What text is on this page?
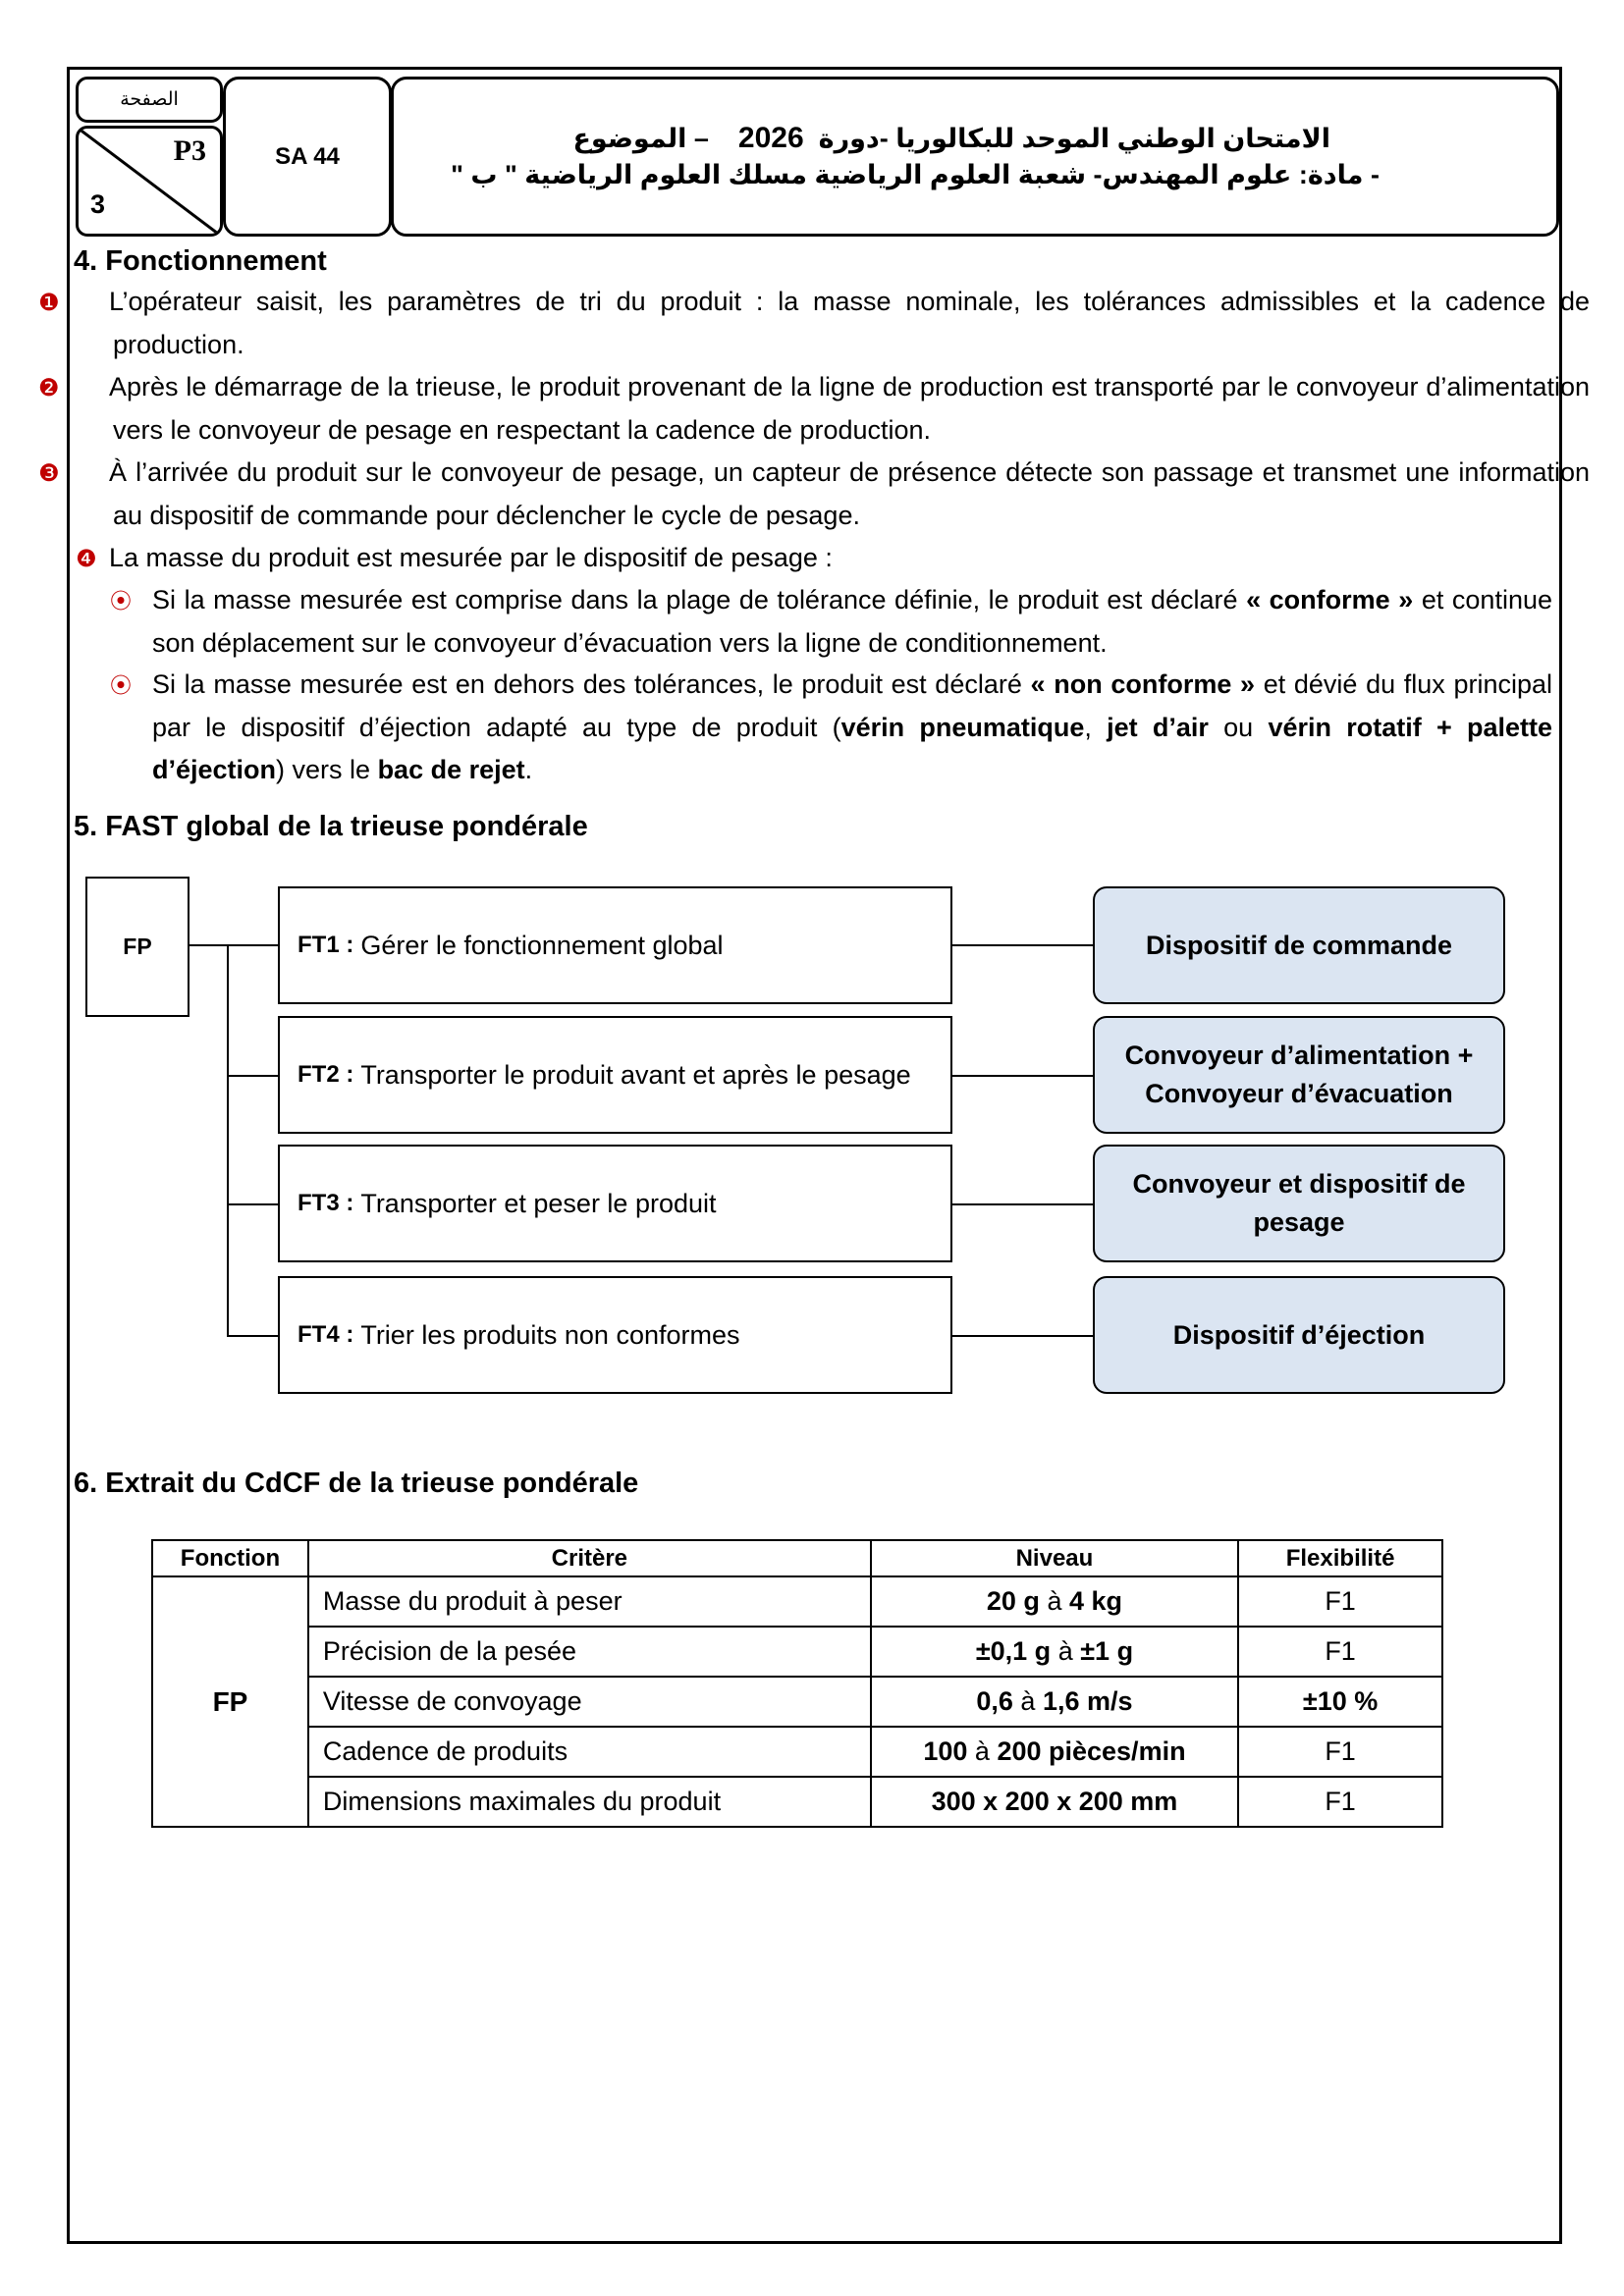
الصفحة
P3
3
SA 44
الامتحان الوطني الموحد للبكالوريا -دورة  2026    – الموضوع
- مادة: علوم المهندس- شعبة العلوم الرياضية مسلك العلوم الرياضية " ب "
4. Fonctionnement
❶ L’opérateur saisit, les paramètres de tri du produit : la masse nominale, les tolérances admissibles et la cadence de production.
❷ Après le démarrage de la trieuse, le produit provenant de la ligne de production est transporté par le convoyeur d’alimentation vers le convoyeur de pesage en respectant la cadence de production.
❸ À l’arrivée du produit sur le convoyeur de pesage, un capteur de présence détecte son passage et transmet une information au dispositif de commande pour déclencher le cycle de pesage.
❹ La masse du produit est mesurée par le dispositif de pesage :
⦿ Si la masse mesurée est comprise dans la plage de tolérance définie, le produit est déclaré « conforme » et continue son déplacement sur le convoyeur d’évacuation vers la ligne de conditionnement.
⦿ Si la masse mesurée est en dehors des tolérances, le produit est déclaré « non conforme » et dévié du flux principal par le dispositif d’éjection adapté au type de produit (vérin pneumatique, jet d’air ou vérin rotatif + palette d’éjection) vers le bac de rejet.
5. FAST global de la trieuse pondérale
FP	FT1 : Gérer le fonctionnement global
FT2 : Transporter le produit avant et après le pesage
FT3 : Transporter et peser le produit
FT4 : Trier les produits non conformes
Dispositif de commande
Convoyeur d’alimentation + Convoyeur d’évacuation
Convoyeur et dispositif de pesage
Dispositif d’éjection
6. Extrait du CdCF de la trieuse pondérale
Fonction	Critère	Niveau	Flexibilité
FP	Masse du produit à peser	20 g à 4 kg	F1
	Précision de la pesée	±0,1 g à ±1 g	F1
	Vitesse de convoyage	0,6 à 1,6 m/s	±10 %
	Cadence de produits	100 à 200 pièces/min	F1
	Dimensions maximales du produit	300 x 200 x 200 mm	F1
